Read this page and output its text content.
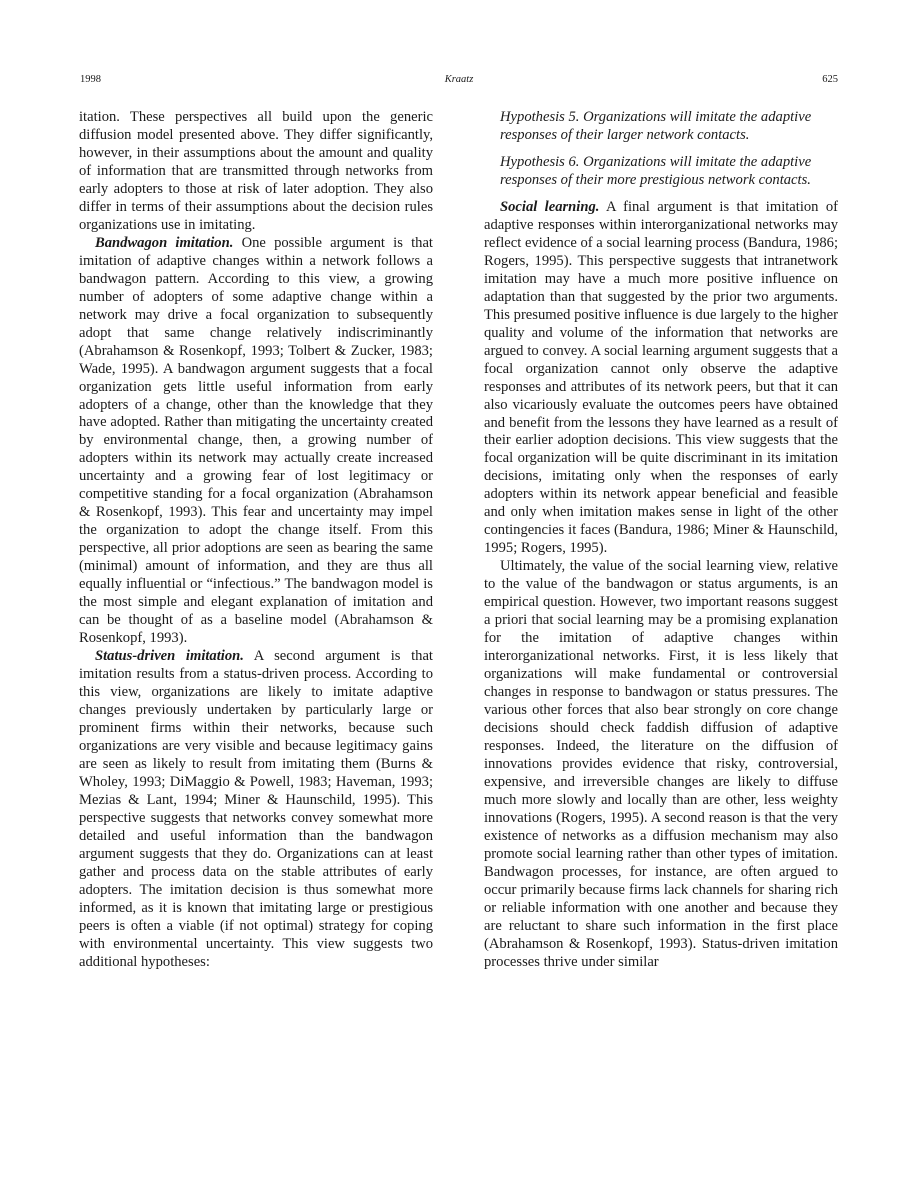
1998	Kraatz	625

itation. These perspectives all build upon the generic diffusion model presented above. They differ significantly, however, in their assumptions about the amount and quality of information that are transmitted through networks from early adopters to those at risk of later adoption. They also differ in terms of their assumptions about the decision rules organizations use in imitating.

Bandwagon imitation. One possible argument is that imitation of adaptive changes within a network follows a bandwagon pattern. According to this view, a growing number of adopters of some adaptive change within a network may drive a focal organization to subsequently adopt that same change relatively indiscriminantly (Abrahamson & Rosenkopf, 1993; Tolbert & Zucker, 1983; Wade, 1995). A bandwagon argument suggests that a focal organization gets little useful information from early adopters of a change, other than the knowledge that they have adopted. Rather than mitigating the uncertainty created by environmental change, then, a growing number of adopters within its network may actually create increased uncertainty and a growing fear of lost legitimacy or competitive standing for a focal organization (Abrahamson & Rosenkopf, 1993). This fear and uncertainty may impel the organization to adopt the change itself. From this perspective, all prior adoptions are seen as bearing the same (minimal) amount of information, and they are thus all equally influential or “infectious.” The bandwagon model is the most simple and elegant explanation of imitation and can be thought of as a baseline model (Abrahamson & Rosenkopf, 1993).

Status-driven imitation. A second argument is that imitation results from a status-driven process. According to this view, organizations are likely to imitate adaptive changes previously undertaken by particularly large or prominent firms within their networks, because such organizations are very visible and because legitimacy gains are seen as likely to result from imitating them (Burns & Wholey, 1993; DiMaggio & Powell, 1983; Haveman, 1993; Mezias & Lant, 1994; Miner & Haunschild, 1995). This perspective suggests that networks convey somewhat more detailed and useful information than the bandwagon argument suggests that they do. Organizations can at least gather and process data on the stable attributes of early adopters. The imitation decision is thus somewhat more informed, as it is known that imitating large or prestigious peers is often a viable (if not optimal) strategy for coping with environmental uncertainty. This view suggests two additional hypotheses:

Hypothesis 5. Organizations will imitate the adaptive responses of their larger network contacts.

Hypothesis 6. Organizations will imitate the adaptive responses of their more prestigious network contacts.

Social learning. A final argument is that imitation of adaptive responses within interorganizational networks may reflect evidence of a social learning process (Bandura, 1986; Rogers, 1995). This perspective suggests that intranetwork imitation may have a much more positive influence on adaptation than that suggested by the prior two arguments. This presumed positive influence is due largely to the higher quality and volume of the information that networks are argued to convey. A social learning argument suggests that a focal organization cannot only observe the adaptive responses and attributes of its network peers, but that it can also vicariously evaluate the outcomes peers have obtained and benefit from the lessons they have learned as a result of their earlier adoption decisions. This view suggests that the focal organization will be quite discriminant in its imitation decisions, imitating only when the responses of early adopters within its network appear beneficial and feasible and only when imitation makes sense in light of the other contingencies it faces (Bandura, 1986; Miner & Haunschild, 1995; Rogers, 1995).

Ultimately, the value of the social learning view, relative to the value of the bandwagon or status arguments, is an empirical question. However, two important reasons suggest a priori that social learning may be a promising explanation for the imitation of adaptive changes within interorganizational networks. First, it is less likely that organizations will make fundamental or controversial changes in response to bandwagon or status pressures. The various other forces that also bear strongly on core change decisions should check faddish diffusion of adaptive responses. Indeed, the literature on the diffusion of innovations provides evidence that risky, controversial, expensive, and irreversible changes are likely to diffuse much more slowly and locally than are other, less weighty innovations (Rogers, 1995). A second reason is that the very existence of networks as a diffusion mechanism may also promote social learning rather than other types of imitation. Bandwagon processes, for instance, are often argued to occur primarily because firms lack channels for sharing rich or reliable information with one another and because they are reluctant to share such information in the first place (Abrahamson & Rosenkopf, 1993). Status-driven imitation processes thrive under similar
